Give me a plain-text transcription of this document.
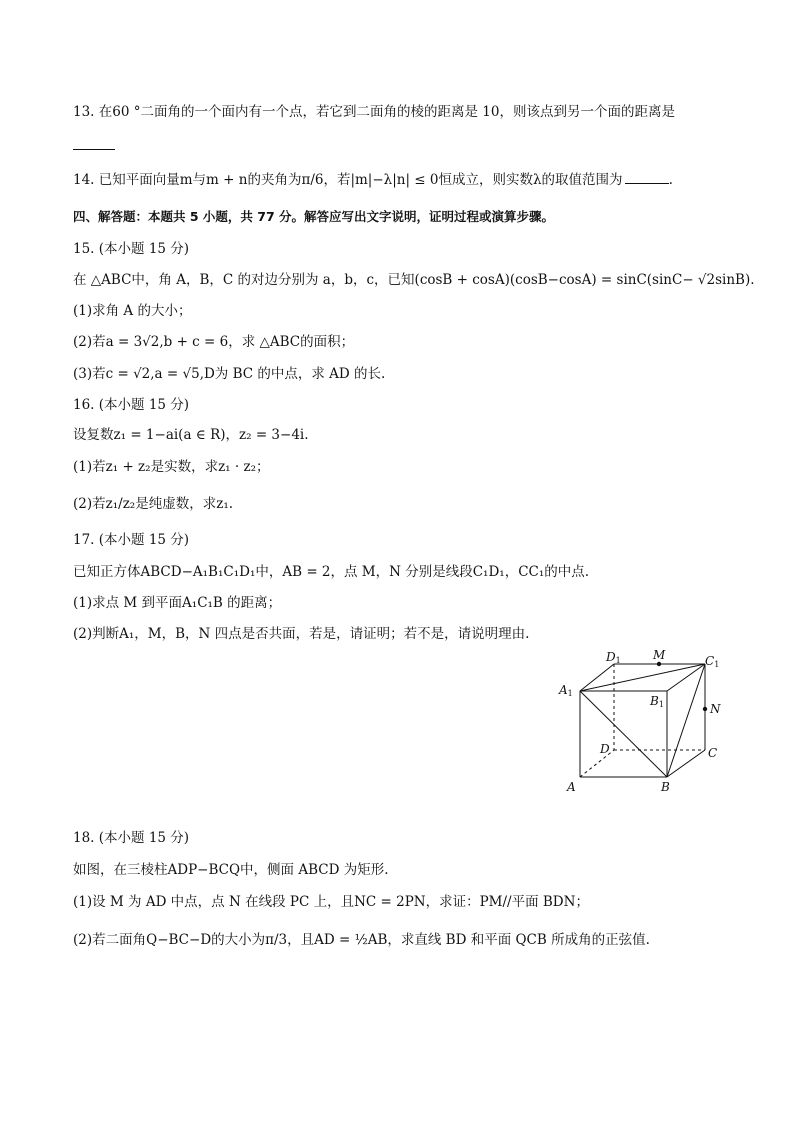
13. 在60 °二面角的一个面内有一个点，若它到二面角的棱的距离是 10，则该点到另一个面的距离是
14. 已知平面向量m与m + n的夹角为π/6，若|m|−λ|n| ≤ 0恒成立，则实数λ的取值范围为	.
四、解答题：本题共 5 小题，共 77 分。解答应写出文字说明，证明过程或演算步骤。
15. (本小题 15 分)
在 △ABC中，角 A，B，C 的对边分别为 a，b，c，已知(cosB + cosA)(cosB−cosA) = sinC(sinC− √2sinB).
(1)求角 A 的大小；
(2)若a = 3√2,b + c = 6，求 △ABC的面积；
(3)若c = √2,a = √5,D为 BC 的中点，求 AD 的长.
16. (本小题 15 分)
设复数z₁ = 1−ai(a ∈ R)，z₂ = 3−4i.
(1)若z₁ + z₂是实数，求z₁ · z₂；
(2)若z₁/z₂是纯虚数，求z₁.
17. (本小题 15 分)
已知正方体ABCD−A₁B₁C₁D₁中，AB = 2，点 M，N 分别是线段C₁D₁，CC₁的中点.
(1)求点 M 到平面A₁C₁B 的距离；
(2)判断A₁，M，B，N 四点是否共面，若是，请证明；若不是，请说明理由.
A	B
C
D
A1
B1
C1
D1	M
N
18. (本小题 15 分)
如图，在三棱柱ADP−BCQ中，侧面 ABCD 为矩形.
(1)设 M 为 AD 中点，点 N 在线段 PC 上，且NC = 2PN，求证：PM//平面 BDN；
(2)若二面角Q−BC−D的大小为π/3，且AD = ½AB，求直线 BD 和平面 QCB 所成角的正弦值.
